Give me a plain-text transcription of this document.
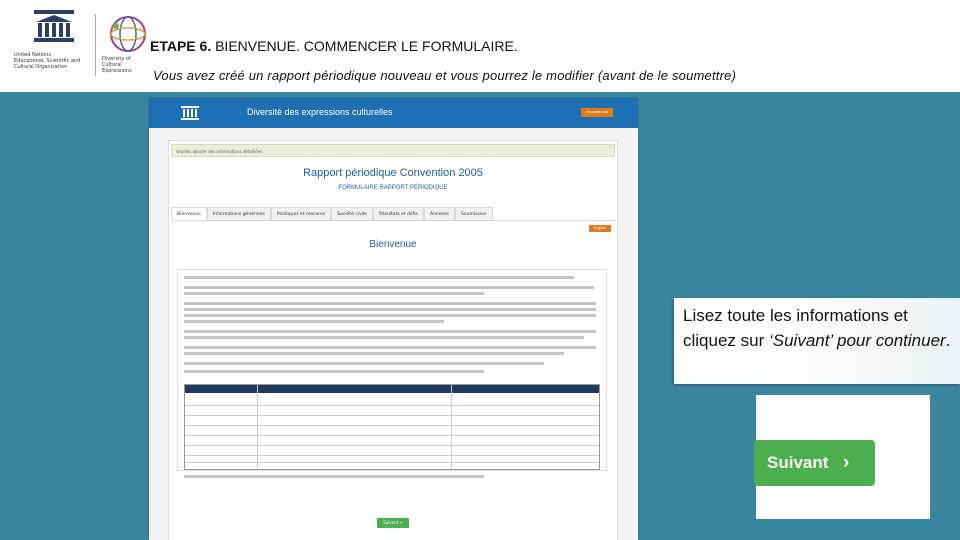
United Nations
Educational, Scientific and
Cultural Organization
Diversity of
Cultural Expressions
ETAPE 6. BIENVENUE. COMMENCER LE FORMULAIRE.
Vous avez créé un rapport périodique nouveau et vous pourrez le modifier (avant de le soumettre)
Diversité des expressions culturelles	DÉCONNEXION
Veuillez ajouter des informations détaillées
Rapport périodique Convention 2005
FORMULAIRE RAPPORT PÉRIODIQUE
Bienvenue	Informations générales	Politiques et mesures	Société civile	Résultats et défis	Annexes	Soumission
English
Bienvenue
Suivant >

Lisez toute les informations et cliquez sur ‘Suivant’ pour continuer.

Suivant ›
